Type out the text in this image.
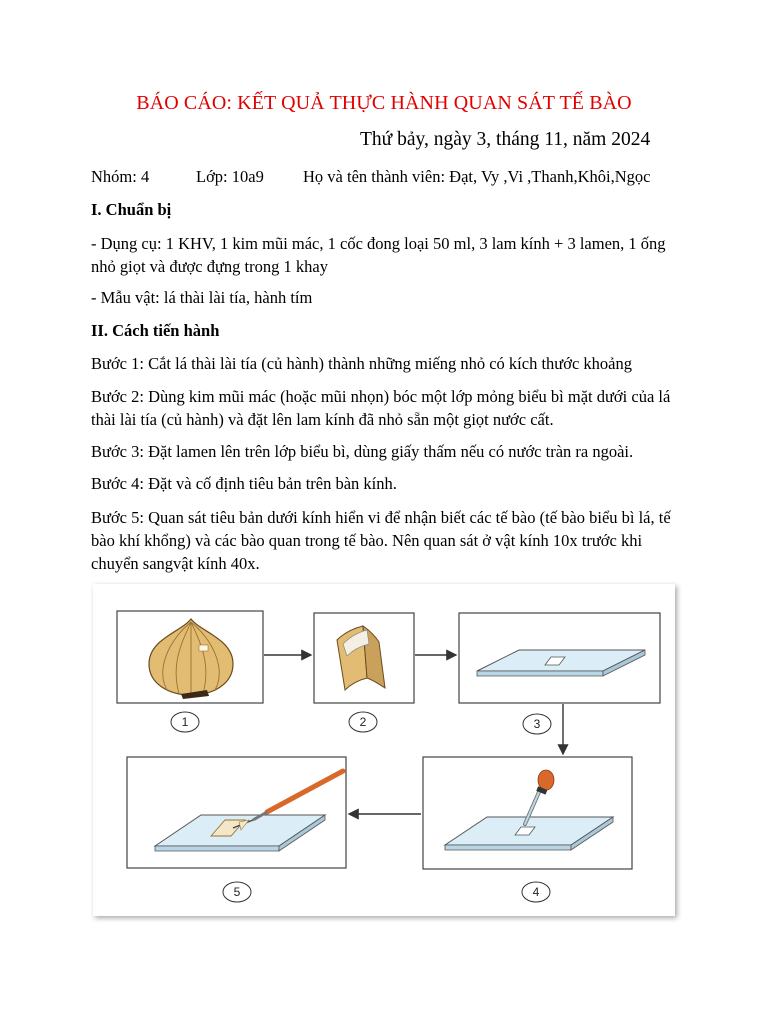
BÁO CÁO: KẾT QUẢ THỰC HÀNH QUAN SÁT TẾ BÀO
Thứ bảy, ngày 3, tháng 11, năm 2024
Nhóm: 4	Lớp: 10a9 Họ và tên thành viên: Đạt, Vy ,Vi ,Thanh,Khôi,Ngọc
I. Chuẩn bị
- Dụng cụ: 1 KHV, 1 kim mũi mác, 1 cốc đong loại 50 ml, 3 lam kính + 3 lamen, 1 ống nhỏ giọt và được đựng trong 1 khay
- Mẫu vật: lá thài lài tía, hành tím
II. Cách tiến hành
Bước 1: Cắt lá thài lài tía (củ hành) thành những miếng nhỏ có kích thước khoảng
Bước 2: Dùng kim mũi mác (hoặc mũi nhọn) bóc một lớp mỏng biểu bì mặt dưới của lá thài lài tía (củ hành) và đặt lên lam kính đã nhỏ sẵn một giọt nước cất.
Bước 3: Đặt lamen lên trên lớp biểu bì, dùng giấy thấm nếu có nước tràn ra ngoài.
Bước 4: Đặt và cố định tiêu bản trên bàn kính.
Bước 5: Quan sát tiêu bản dưới kính hiển vi để nhận biết các tế bào (tế bào biểu bì lá, tế bào khí khổng) và các bào quan trong tế bào. Nên quan sát ở vật kính 10x trước khi chuyển sangvật kính 40x.
1	2	3
4
5
